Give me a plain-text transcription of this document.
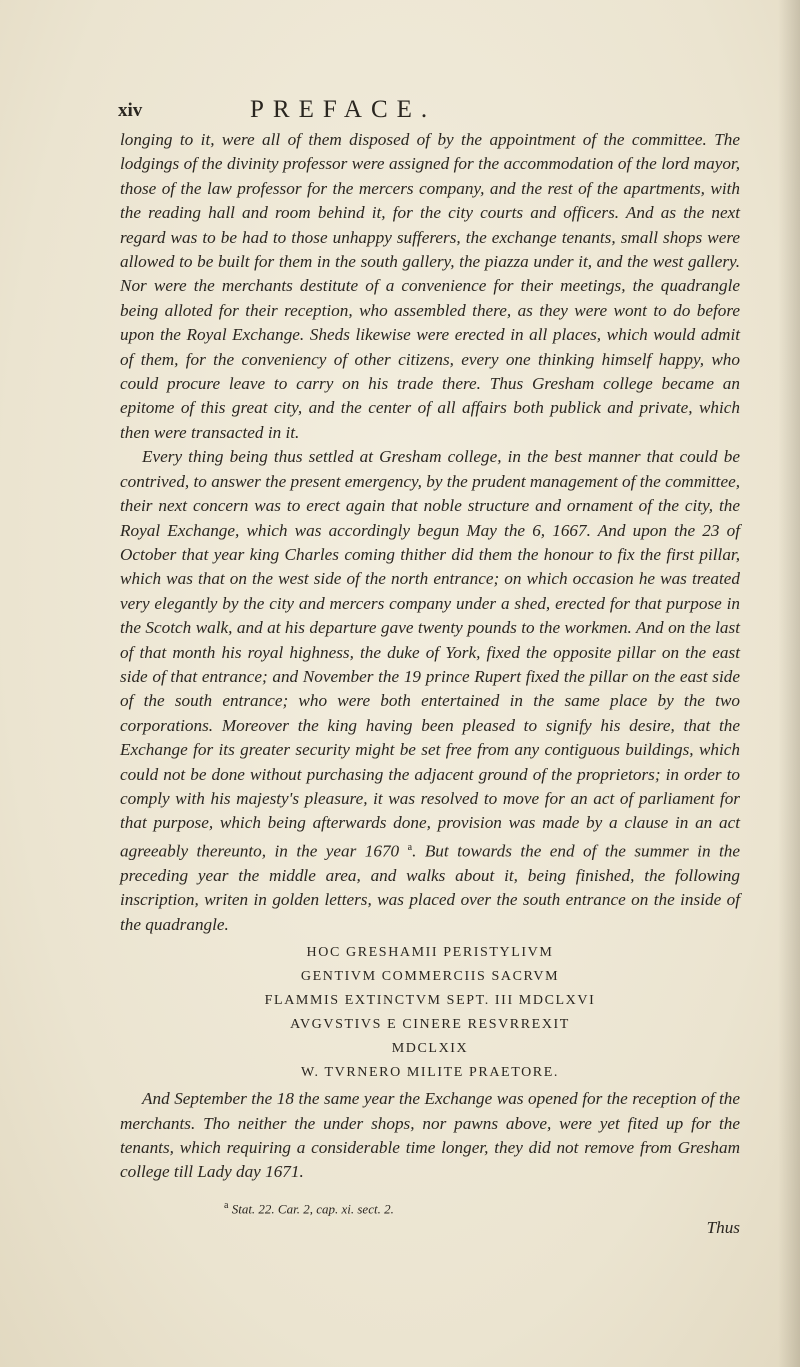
xiv	PREFACE.

longing to it, were all of them disposed of by the appointment of the committee. The lodgings of the divinity professor were assigned for the accommodation of the lord mayor, those of the law professor for the mercers company, and the rest of the apartments, with the reading hall and room behind it, for the city courts and officers. And as the next regard was to be had to those unhappy sufferers, the exchange tenants, small shops were allowed to be built for them in the south gallery, the piazza under it, and the west gallery. Nor were the merchants destitute of a convenience for their meetings, the quadrangle being alloted for their reception, who assembled there, as they were wont to do before upon the Royal Exchange. Sheds likewise were erected in all places, which would admit of them, for the conveniency of other citizens, every one thinking himself happy, who could procure leave to carry on his trade there. Thus Gresham college became an epitome of this great city, and the center of all affairs both publick and private, which then were transacted in it.

Every thing being thus settled at Gresham college, in the best manner that could be contrived, to answer the present emergency, by the prudent management of the committee, their next concern was to erect again that noble structure and ornament of the city, the Royal Exchange, which was accordingly begun May the 6, 1667. And upon the 23 of October that year king Charles coming thither did them the honour to fix the first pillar, which was that on the west side of the north entrance; on which occasion he was treated very elegantly by the city and mercers company under a shed, erected for that purpose in the Scotch walk, and at his departure gave twenty pounds to the workmen. And on the last of that month his royal highness, the duke of York, fixed the opposite pillar on the east side of that entrance; and November the 19 prince Rupert fixed the pillar on the east side of the south entrance; who were both entertained in the same place by the two corporations. Moreover the king having been pleased to signify his desire, that the Exchange for its greater security might be set free from any contiguous buildings, which could not be done without purchasing the adjacent ground of the proprietors; in order to comply with his majesty's pleasure, it was resolved to move for an act of parliament for that purpose, which being afterwards done, provision was made by a clause in an act agreeably thereunto, in the year 1670 $^a$. But towards the end of the summer in the preceding year the middle area, and walks about it, being finished, the following inscription, writen in golden letters, was placed over the south entrance on the inside of the quadrangle.

HOC GRESHAMII PERISTYLIVM
GENTIVM COMMERCIIS SACRVM
FLAMMIS EXTINCTVM SEPT. III MDCLXVI
AVGVSTIVS E CINERE RESVRREXIT
MDCLXIX
W. TVRNERO MILITE PRAETORE.

And September the 18 the same year the Exchange was opened for the reception of the merchants. Tho neither the under shops, nor pawns above, were yet fited up for the tenants, which requiring a considerable time longer, they did not remove from Gresham college till Lady day 1671.

$^a$ Stat. 22. Car. 2, cap. xi. sect. 2.
Thus
